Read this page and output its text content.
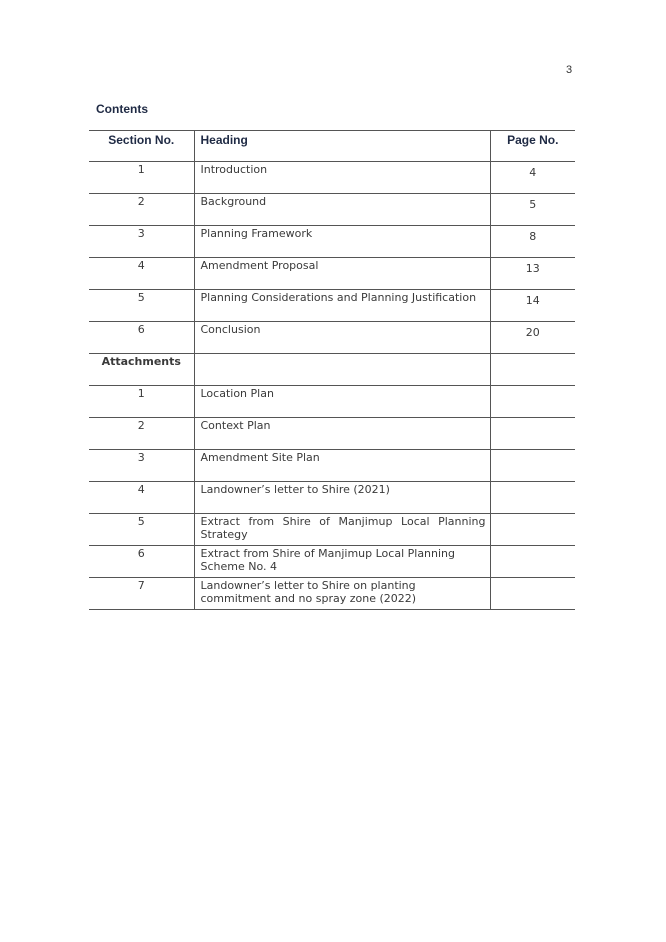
3
Contents
Section No.	Heading	Page No.
1	Introduction	4
2	Background	5
3	Planning Framework	8
4	Amendment Proposal	13
5	Planning Considerations and Planning Justification	14
6	Conclusion	20
Attachments		
1	Location Plan	
2	Context Plan	
3	Amendment Site Plan	
4	Landowner’s letter to Shire (2021)	
5	Extract from Shire of Manjimup Local Planning Strategy	
6	Extract from Shire of Manjimup Local Planning Scheme No. 4	
7	Landowner’s letter to Shire on planting commitment and no spray zone (2022)	
